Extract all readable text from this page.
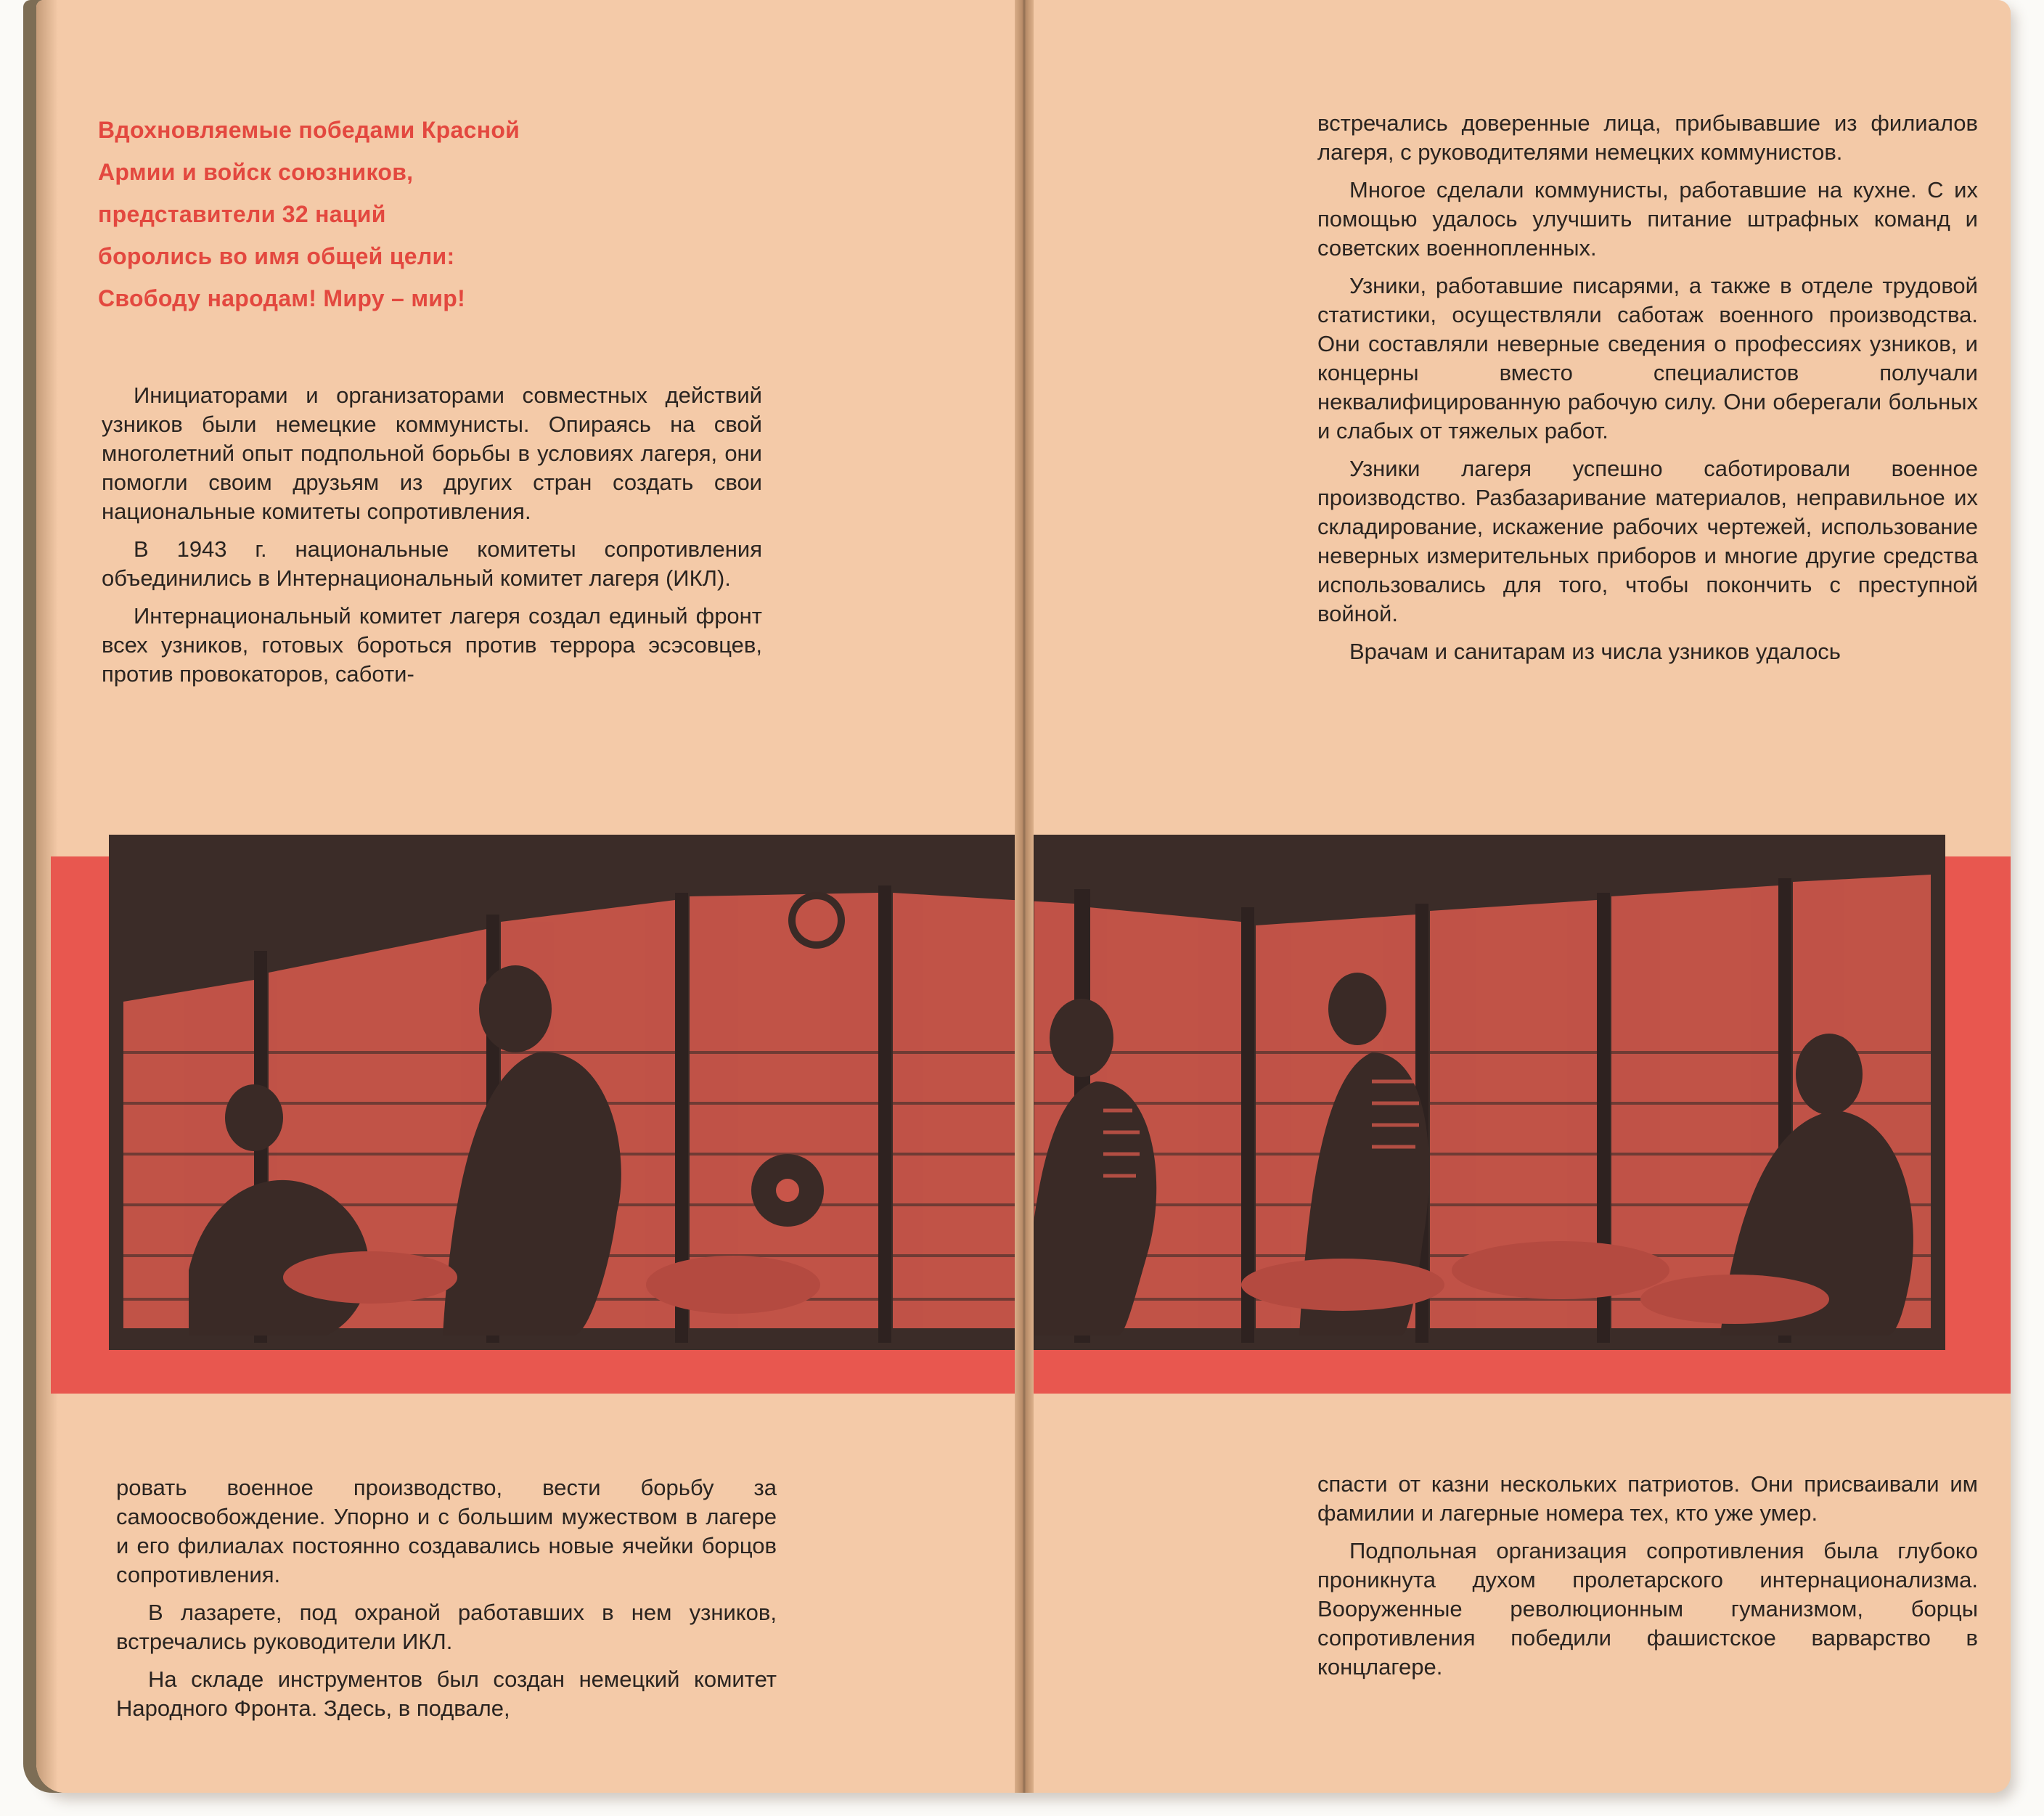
Вдохновляемые победами Красной
Армии и войск союзников,
представители 32 наций
боролись во имя общей цели:
Свободу народам! Миру – мир!

Инициаторами и организаторами совместных действий узников были немецкие коммунисты. Опираясь на свой многолетний опыт подпольной борьбы в условиях лагеря, они помогли своим друзьям из других стран создать свои национальные комитеты сопротивления.

В 1943 г. национальные комитеты сопротивления объединились в Интернациональный комитет лагеря (ИКЛ).

Интернациональный комитет лагеря создал единый фронт всех узников, готовых бороться против террора эсэсовцев, против провокаторов, саботи-

ровать военное производство, вести борьбу за самоосвобождение. Упорно и с большим мужеством в лагере и его филиалах постоянно создавались новые ячейки борцов сопротивления.

В лазарете, под охраной работавших в нем узников, встречались руководители ИКЛ.

На складе инструментов был создан немецкий комитет Народного Фронта. Здесь, в подвале,

встречались доверенные лица, прибывавшие из филиалов лагеря, с руководителями немецких коммунистов.

Многое сделали коммунисты, работавшие на кухне. С их помощью удалось улучшить питание штрафных команд и советских военнопленных.

Узники, работавшие писарями, а также в отделе трудовой статистики, осуществляли саботаж военного производства. Они составляли неверные сведения о профессиях узников, и концерны вместо специалистов получали неквалифицированную рабочую силу. Они оберегали больных и слабых от тяжелых работ.

Узники лагеря успешно саботировали военное производство. Разбазаривание материалов, неправильное их складирование, искажение рабочих чертежей, использование неверных измерительных приборов и многие другие средства использовались для того, чтобы покончить с преступной войной.

Врачам и санитарам из числа узников удалось

спасти от казни нескольких патриотов. Они присваивали им фамилии и лагерные номера тех, кто уже умер.

Подпольная организация сопротивления была глубоко проникнута духом пролетарского интернационализма. Вооруженные революционным гуманизмом, борцы сопротивления победили фашистское варварство в концлагере.
